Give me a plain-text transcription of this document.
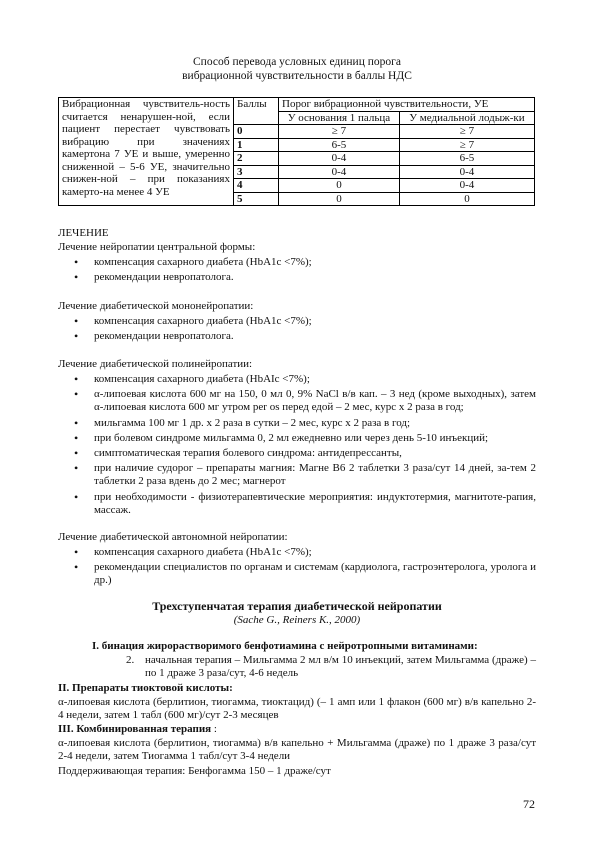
Способ перевода условных единиц порога
вибрационной чувствительности в баллы НДС
Вибрационная чувствитель-ность считается ненарушен-ной, если пациент перестает чувствовать вибрацию при значениях камертона 7 УЕ и выше, умеренно сниженной – 5-6 УЕ, значительно снижен-ной – при показаниях камерто-на менее 4 УЕ	Баллы	Порог вибрационной чувствительности, УЕ	
		У основания 1 пальца	У медиальной лодыж-ки
	0	≥ 7	≥ 7
	1	6-5	≥ 7
	2	0-4	6-5
	3	0-4	0-4
	4	0	0-4
	5	0	0
ЛЕЧЕНИЕ
Лечение нейропатии центральной формы:
• компенсация сахарного диабета (HbA1c <7%);
• рекомендации невропатолога.
Лечение диабетической мононейропатии:
• компенсация сахарного диабета (HbA1c <7%);
• рекомендации невропатолога.
Лечение диабетической полинейропатии:
• компенсация сахарного диабета (HbAIc <7%);
• α-липоевая кислота 600 мг на 150, 0 мл 0, 9% NaCl в/в кап. – 3 нед (кроме выходных), затем α-липоевая кислота 600 мг утром per os перед едой – 2 мес, курс х 2 раза в год;
• мильгамма 100 мг 1 др. х 2 раза в сутки – 2 мес, курс х 2 раза в год;
• при болевом синдроме мильгамма 0, 2 мл ежедневно или через день 5-10 инъекций;
• симптоматическая терапия болевого синдрома: антидепрессанты,
• при наличие судорог – препараты магния: Магне В6 2 таблетки 3 раза/сут 14 дней, за-тем 2 таблетки 2 раза вдень до 2 мес; магнерот
• при необходимости - физиотерапевтические мероприятия: индуктотермия, магнитоте-рапия, массаж.
Лечение диабетической автономной нейропатии:
• компенсация сахарного диабета (HbA1c <7%);
• рекомендации специалистов по органам и системам (кардиолога, гастроэнтеролога, уролога и др.)
Трехступенчатая терапия диабетической нейропатии
(Sache G., Reiners K., 2000)
I. бинация жирорастворимого бенфотиамина с нейротропными витаминами:
2. начальная терапия – Мильгамма 2 мл в/м 10 инъекций, затем Мильгамма (драже) – по 1 драже 3 раза/сут, 4-6 недель
II. Препараты тиоктовой кислоты:
α-липоевая кислота (берлитион, тиогамма, тиоктацид) (– 1 амп или 1 флакон (600 мг) в/в капельно 2-4 недели, затем 1 табл (600 мг)/сут 2-3 месяцев
III. Комбинированная терапия :
α-липоевая кислота (берлитион, тиогамма) в/в капельно + Мильгамма (драже) по 1 драже 3 раза/сут 2-4 недели, затем Тиогамма 1 табл/сут 3-4 недели
Поддерживающая терапия: Бенфогамма 150 – 1 драже/сут
72
